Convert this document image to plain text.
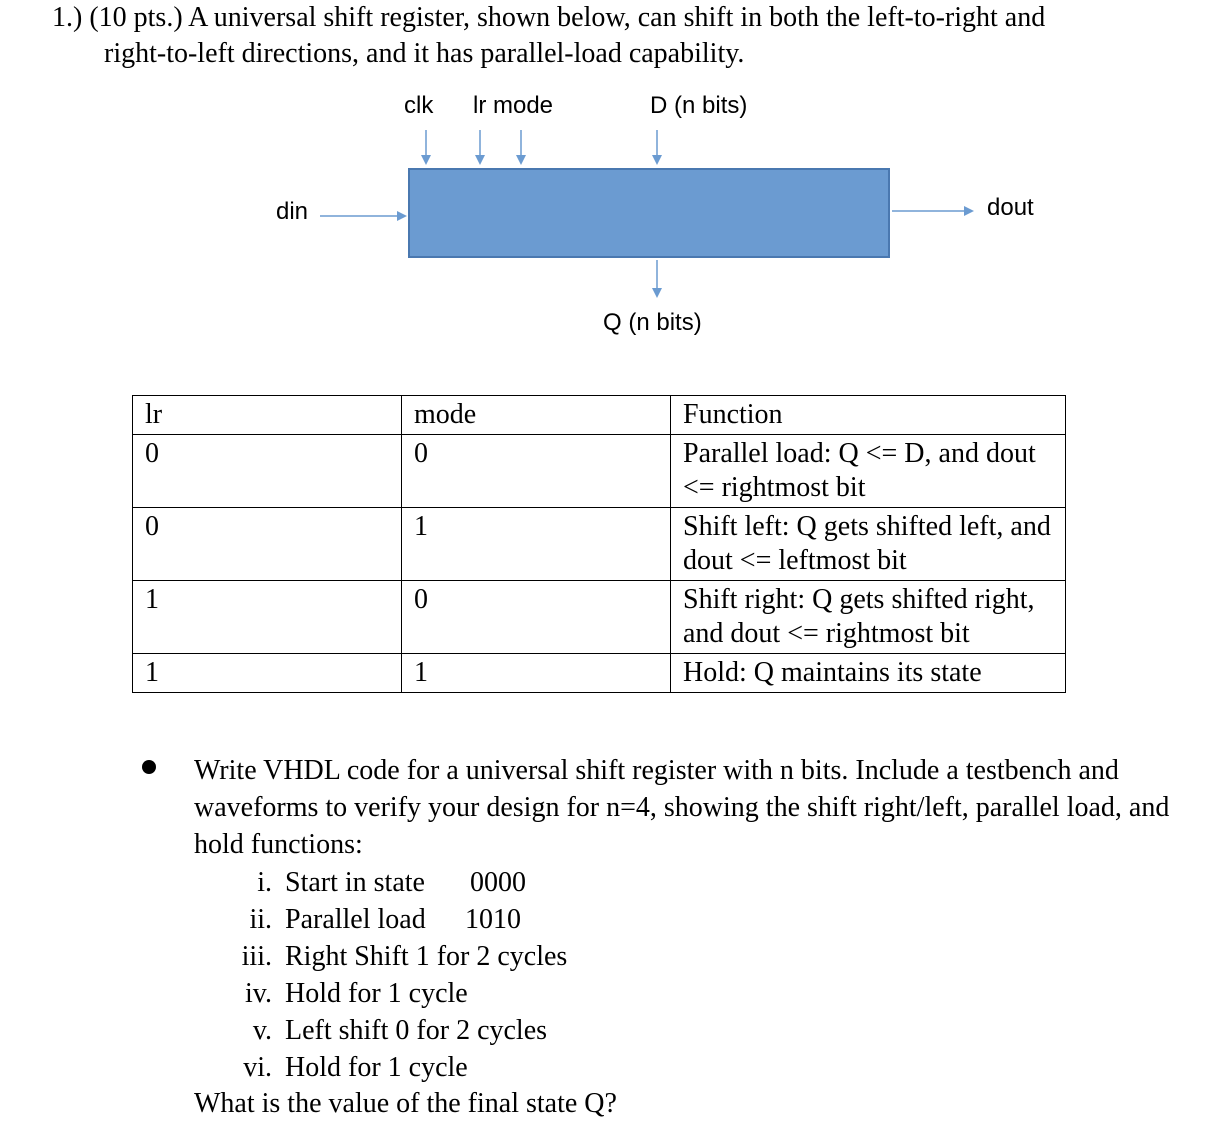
1.) (10 pts.) A universal shift register, shown below, can shift in both the left-to-right and
right-to-left directions, and it has parallel-load capability.
clk lr mode	D (n bits)
din	dout
Q (n bits)
lr	mode	Function
0	0	Parallel load: Q <= D, and dout <= rightmost bit
0	1	Shift left: Q gets shifted left, and dout <= leftmost bit
1	0	Shift right: Q gets shifted right, and dout <= rightmost bit
1	1	Hold: Q maintains its state
Write VHDL code for a universal shift register with n bits. Include a testbench and waveforms to verify your design for n=4, showing the shift right/left, parallel load, and hold functions:
i. Start in state 0000
ii. Parallel load 1010
iii. Right Shift 1 for 2 cycles
iv. Hold for 1 cycle
v. Left shift 0 for 2 cycles
vi. Hold for 1 cycle
What is the value of the final state Q?
